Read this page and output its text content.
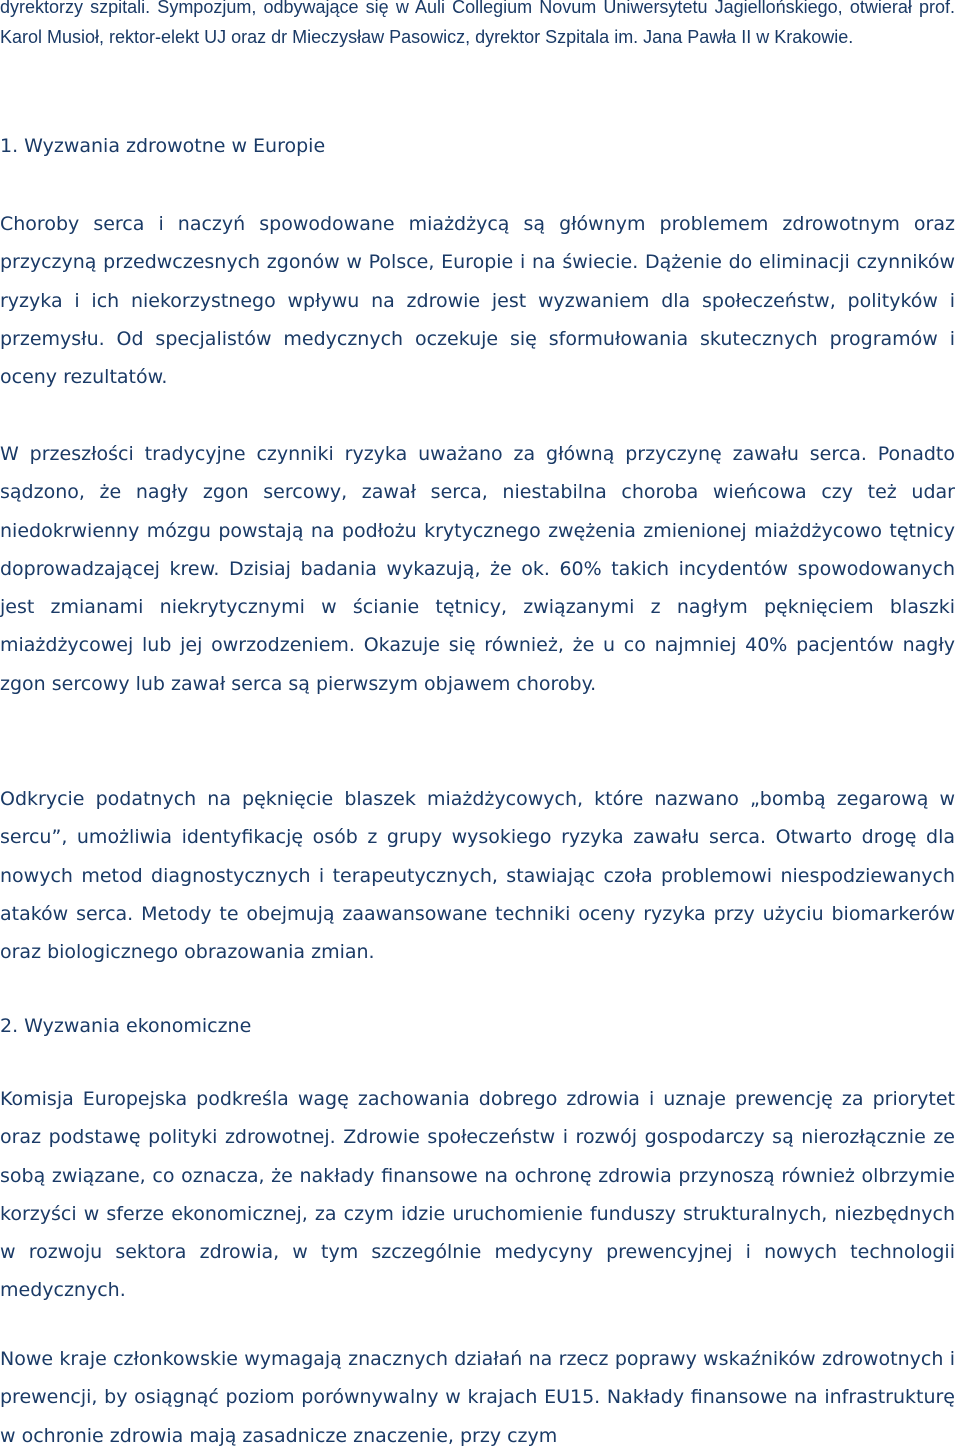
dyrektorzy szpitali. Sympozjum, odbywające się w Auli Collegium Novum Uniwersytetu Jagiellońskiego, otwierał prof. Karol Musioł, rektor-elekt UJ oraz dr Mieczysław Pasowicz, dyrektor Szpitala im. Jana Pawła II w Krakowie.

1. Wyzwania zdrowotne w Europie

Choroby serca i naczyń spowodowane miażdżycą są głównym problemem zdrowotnym oraz przyczyną przedwczesnych zgonów w Polsce, Europie i na świecie. Dążenie do eliminacji czynników ryzyka i ich niekorzystnego wpływu na zdrowie jest wyzwaniem dla społeczeństw, polityków i przemysłu. Od specjalistów medycznych oczekuje się sformułowania skutecznych programów i oceny rezultatów.

W przeszłości tradycyjne czynniki ryzyka uważano za główną przyczynę zawału serca. Ponadto sądzono, że nagły zgon sercowy, zawał serca, niestabilna choroba wieńcowa czy też udar niedokrwienny mózgu powstają na podłożu krytycznego zwężenia zmienionej miażdżycowo tętnicy doprowadzającej krew. Dzisiaj badania wykazują, że ok. 60% takich incydentów spowodowanych jest zmianami niekrytycznymi w ścianie tętnicy, związanymi z nagłym pęknięciem blaszki miażdżycowej lub jej owrzodzeniem. Okazuje się również, że u co najmniej 40% pacjentów nagły zgon sercowy lub zawał serca są pierwszym objawem choroby.

Odkrycie podatnych na pęknięcie blaszek miażdżycowych, które nazwano „bombą zegarową w sercu”, umożliwia identyfikację osób z grupy wysokiego ryzyka zawału serca. Otwarto drogę dla nowych metod diagnostycznych i terapeutycznych, stawiając czoła problemowi niespodziewanych ataków serca. Metody te obejmują zaawansowane techniki oceny ryzyka przy użyciu biomarkerów oraz biologicznego obrazowania zmian.

2. Wyzwania ekonomiczne

Komisja Europejska podkreśla wagę zachowania dobrego zdrowia i uznaje prewencję za priorytet oraz podstawę polityki zdrowotnej. Zdrowie społeczeństw i rozwój gospodarczy są nierozłącznie ze sobą związane, co oznacza, że nakłady finansowe na ochronę zdrowia przynoszą również olbrzymie korzyści w sferze ekonomicznej, za czym idzie uruchomienie funduszy strukturalnych, niezbędnych w rozwoju sektora zdrowia, w tym szczególnie medycyny prewencyjnej i nowych technologii medycznych.

Nowe kraje członkowskie wymagają znacznych działań na rzecz poprawy wskaźników zdrowotnych i prewencji, by osiągnąć poziom porównywalny w krajach EU15. Nakłady finansowe na infrastrukturę w ochronie zdrowia mają zasadnicze znaczenie, przy czym
